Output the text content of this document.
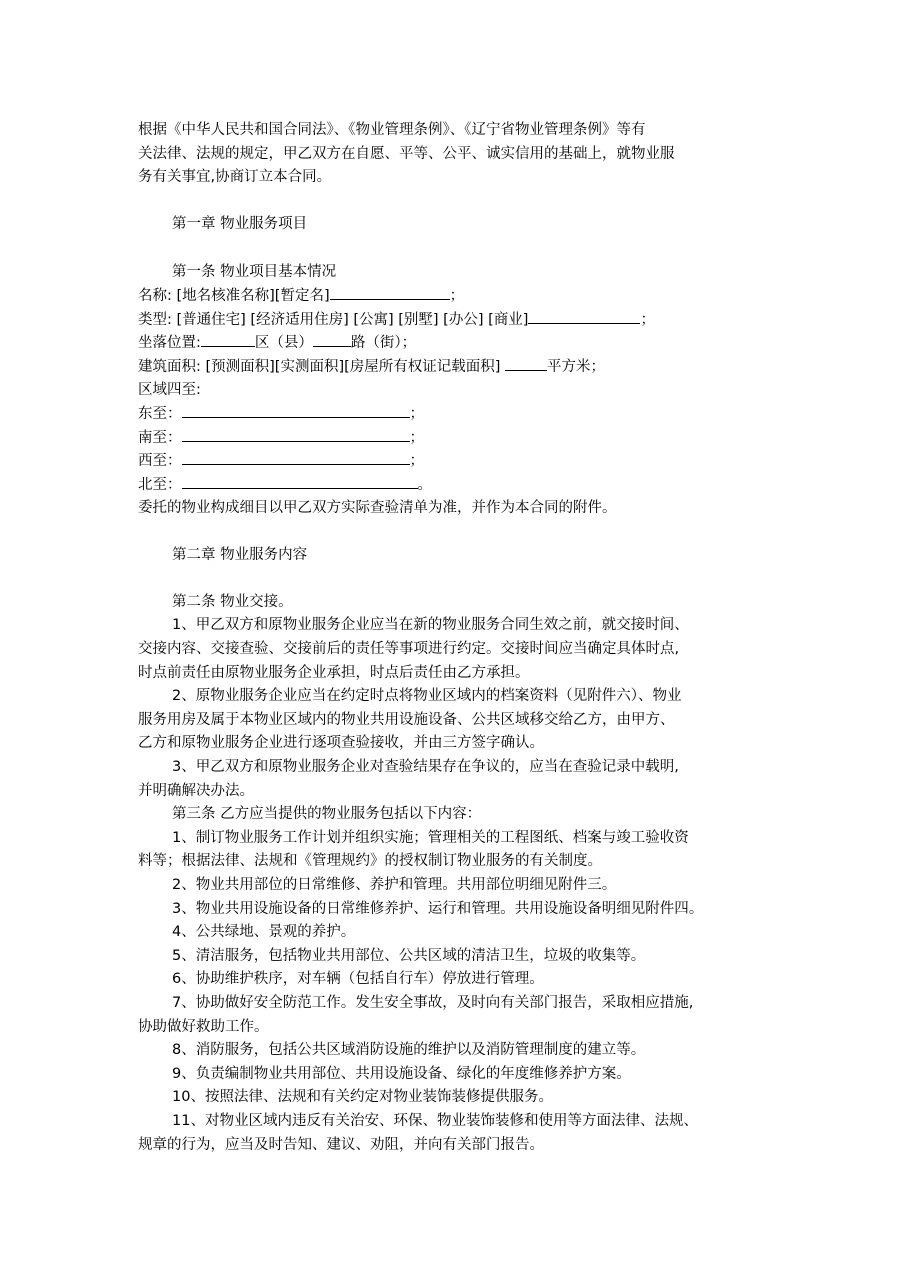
根据《中华人民共和国合同法》、《物业管理条例》、《辽宁省物业管理条例》等有
关法律、法规的规定，甲乙双方在自愿、平等、公平、诚实信用的基础上，就物业服
务有关事宜,协商订立本合同。
第一章 物业服务项目
第一条 物业项目基本情况
名称: [地名核准名称][暂定名]	；
类型: [普通住宅] [经济适用住房] [公寓] [别墅] [办公] [商业]	；
坐落位置:	区（县）	路（街）；
建筑面积: [预测面积][实测面积][房屋所有权证记载面积]	平方米；
区域四至:
东至：	；
南至：	；
西至：	；
北至：	。
委托的物业构成细目以甲乙双方实际查验清单为准，并作为本合同的附件。
第二章 物业服务内容
第二条 物业交接。
1、甲乙双方和原物业服务企业应当在新的物业服务合同生效之前，就交接时间、
交接内容、交接查验、交接前后的责任等事项进行约定。交接时间应当确定具体时点,
时点前责任由原物业服务企业承担，时点后责任由乙方承担。
2、原物业服务企业应当在约定时点将物业区域内的档案资料（见附件六）、物业
服务用房及属于本物业区域内的物业共用设施设备、公共区域移交给乙方，由甲方、
乙方和原物业服务企业进行逐项查验接收，并由三方签字确认。
3、甲乙双方和原物业服务企业对查验结果存在争议的，应当在查验记录中载明,
并明确解决办法。
第三条 乙方应当提供的物业服务包括以下内容：
1、制订物业服务工作计划并组织实施；管理相关的工程图纸、档案与竣工验收资
料等；根据法律、法规和《管理规约》的授权制订物业服务的有关制度。
2、物业共用部位的日常维修、养护和管理。共用部位明细见附件三。
3、物业共用设施设备的日常维修养护、运行和管理。共用设施设备明细见附件四。
4、公共绿地、景观的养护。
5、清洁服务，包括物业共用部位、公共区域的清洁卫生，垃圾的收集等。
6、协助维护秩序，对车辆（包括自行车）停放进行管理。
7、协助做好安全防范工作。发生安全事故，及时向有关部门报告，采取相应措施,
协助做好救助工作。
8、消防服务，包括公共区域消防设施的维护以及消防管理制度的建立等。
9、负责编制物业共用部位、共用设施设备、绿化的年度维修养护方案。
10、按照法律、法规和有关约定对物业装饰装修提供服务。
11、对物业区域内违反有关治安、环保、物业装饰装修和使用等方面法律、法规、
规章的行为，应当及时告知、建议、劝阻，并向有关部门报告。
